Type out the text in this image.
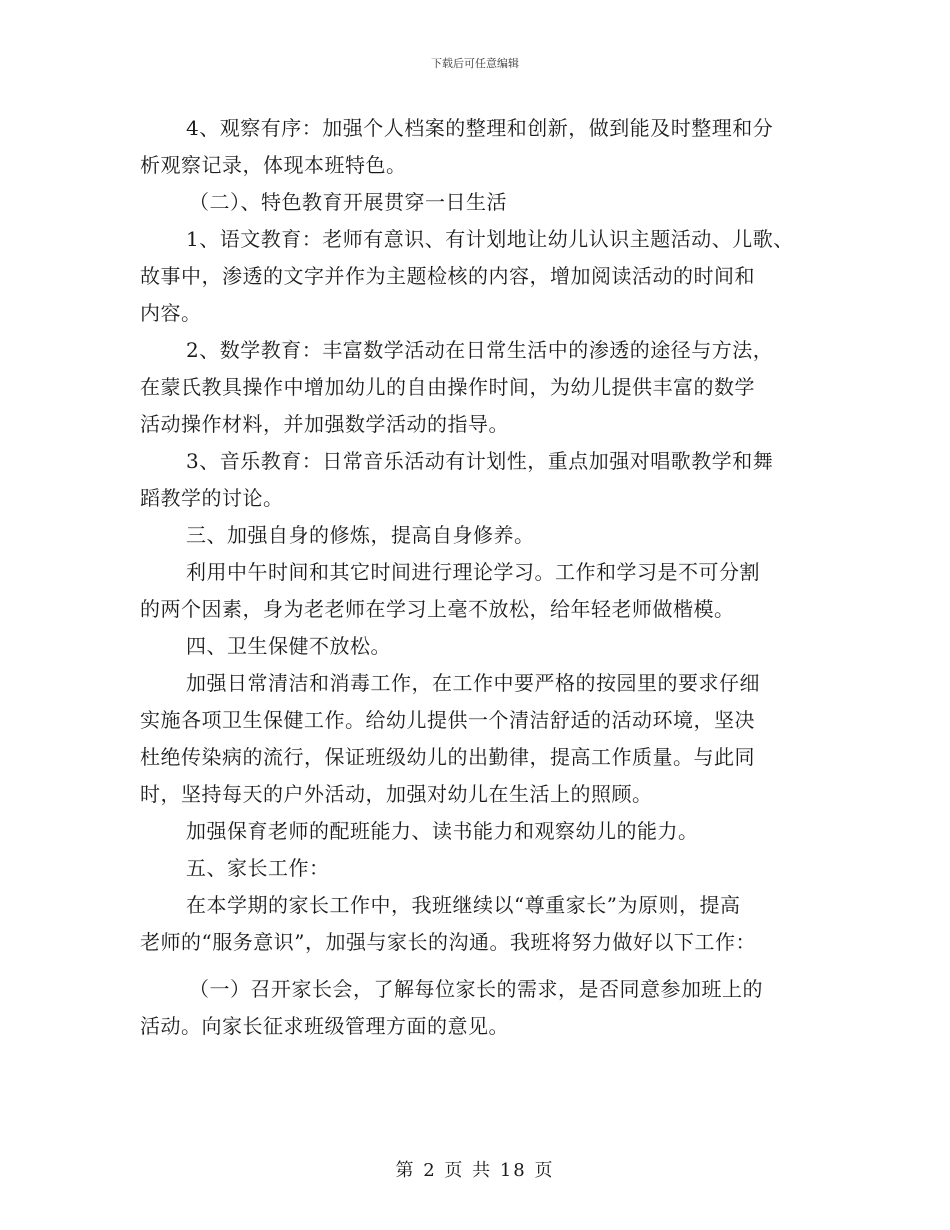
下载后可任意编辑
4、观察有序：加强个人档案的整理和创新，做到能及时整理和分
析观察记录，体现本班特色。
（二）、特色教育开展贯穿一日生活
1、语文教育：老师有意识、有计划地让幼儿认识主题活动、儿歌、
故事中，渗透的文字并作为主题检核的内容，增加阅读活动的时间和
内容。
2、数学教育：丰富数学活动在日常生活中的渗透的途径与方法，
在蒙氏教具操作中增加幼儿的自由操作时间，为幼儿提供丰富的数学
活动操作材料，并加强数学活动的指导。
3、音乐教育：日常音乐活动有计划性，重点加强对唱歌教学和舞
蹈教学的讨论。
三、加强自身的修炼，提高自身修养。
利用中午时间和其它时间进行理论学习。工作和学习是不可分割
的两个因素，身为老老师在学习上毫不放松，给年轻老师做楷模。
四、卫生保健不放松。
加强日常清洁和消毒工作，在工作中要严格的按园里的要求仔细
实施各项卫生保健工作。给幼儿提供一个清洁舒适的活动环境，坚决
杜绝传染病的流行，保证班级幼儿的出勤律，提高工作质量。与此同
时，坚持每天的户外活动，加强对幼儿在生活上的照顾。
加强保育老师的配班能力、读书能力和观察幼儿的能力。
五、家长工作：
在本学期的家长工作中，我班继续以“尊重家长”为原则，提高
老师的“服务意识”，加强与家长的沟通。我班将努力做好以下工作：
（一）召开家长会，了解每位家长的需求，是否同意参加班上的
活动。向家长征求班级管理方面的意见。
第 2 页 共 18 页
